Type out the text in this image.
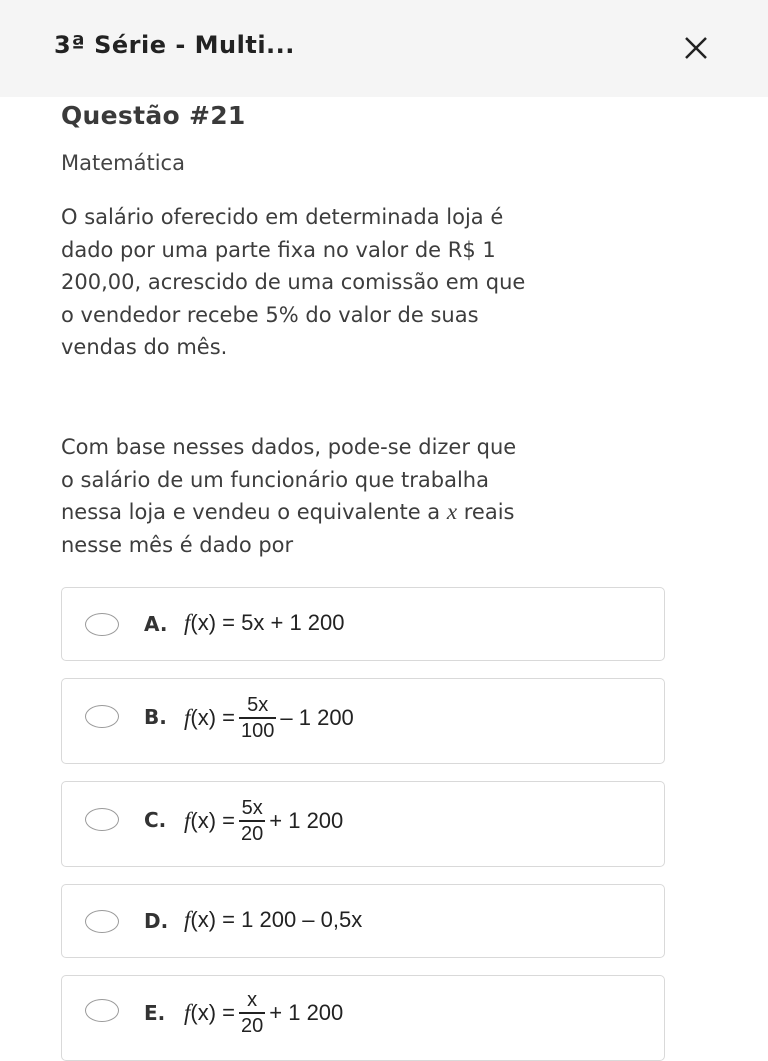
3ª Série - Multi...
Questão #21
Matemática
O salário oferecido em determinada loja é
dado por uma parte fixa no valor de R$ 1
200,00, acrescido de uma comissão em que
o vendedor recebe 5% do valor de suas
vendas do mês.
Com base nesses dados, pode-se dizer que
o salário de um funcionário que trabalha
nessa loja e vendeu o equivalente a x reais
nesse mês é dado por
A. f (x) =
5x + 1 200
B. f $(x) = \frac{5x}{100} - 1$ 200
C. f $(x) = \frac{5x}{20} + 1$ 200
D. f (x) =
1 200 – 0,5x
E. f $(x) = \frac{x}{20} + 1$ 200
